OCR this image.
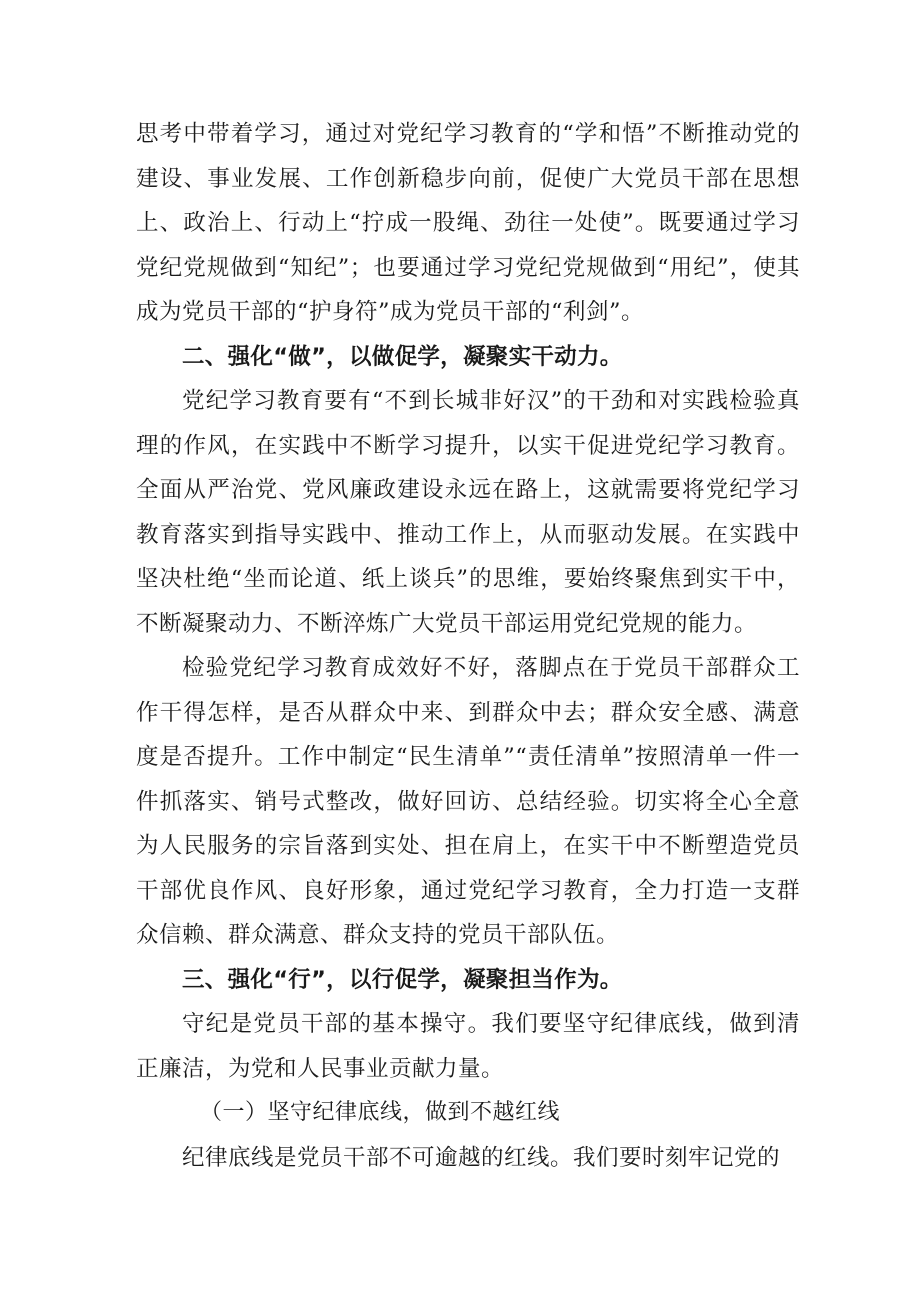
思考中带着学习，通过对党纪学习教育的“学和悟”不断推动党的建设、事业发展、工作创新稳步向前，促使广大党员干部在思想上、政治上、行动上“拧成一股绳、劲往一处使”。既要通过学习党纪党规做到“知纪”；也要通过学习党纪党规做到“用纪”，使其成为党员干部的“护身符”成为党员干部的“利剑”。

二、强化“做”，以做促学，凝聚实干动力。

党纪学习教育要有“不到长城非好汉”的干劲和对实践检验真理的作风，在实践中不断学习提升，以实干促进党纪学习教育。全面从严治党、党风廉政建设永远在路上，这就需要将党纪学习教育落实到指导实践中、推动工作上，从而驱动发展。在实践中坚决杜绝“坐而论道、纸上谈兵”的思维，要始终聚焦到实干中，不断凝聚动力、不断淬炼广大党员干部运用党纪党规的能力。

检验党纪学习教育成效好不好，落脚点在于党员干部群众工作干得怎样，是否从群众中来、到群众中去；群众安全感、满意度是否提升。工作中制定“民生清单”“责任清单”按照清单一件一件抓落实、销号式整改，做好回访、总结经验。切实将全心全意为人民服务的宗旨落到实处、担在肩上，在实干中不断塑造党员干部优良作风、良好形象，通过党纪学习教育，全力打造一支群众信赖、群众满意、群众支持的党员干部队伍。

三、强化“行”，以行促学，凝聚担当作为。

守纪是党员干部的基本操守。我们要坚守纪律底线，做到清正廉洁，为党和人民事业贡献力量。

（一）坚守纪律底线，做到不越红线

纪律底线是党员干部不可逾越的红线。我们要时刻牢记党的
